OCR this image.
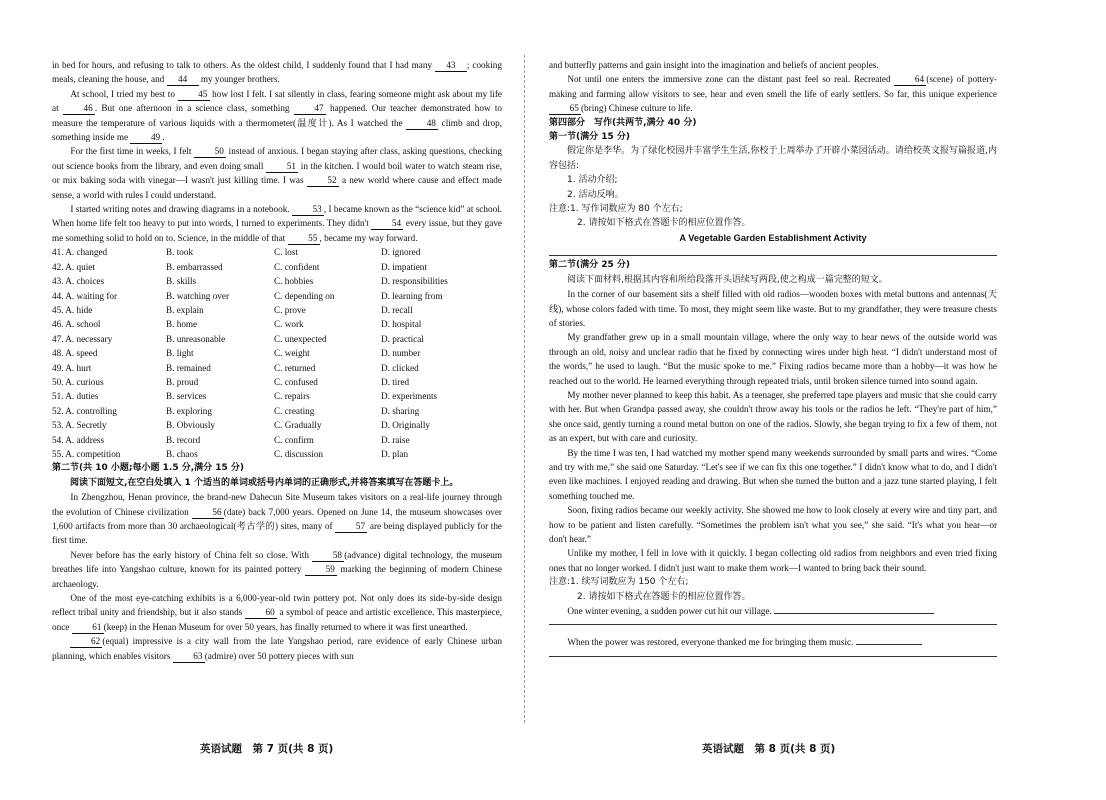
in bed for hours, and refusing to talk to others. As the oldest child, I suddenly found that I had many 43 ; cooking meals, cleaning the house, and 44 my younger brothers.

At school, I tried my best to 45 how lost I felt. I sat silently in class, fearing someone might ask about my life at 46 . But one afternoon in a science class, something 47 happened. Our teacher demonstrated how to measure the temperature of various liquids with a thermometer(温度计). As I watched the 48 climb and drop, something inside me 49 .

For the first time in weeks, I felt 50 instead of anxious. I began staying after class, asking questions, checking out science books from the library, and even doing small 51 in the kitchen. I would boil water to watch steam rise, or mix baking soda with vinegar—I wasn't just killing time. I was 52 a new world where cause and effect made sense, a world with rules I could understand.

I started writing notes and drawing diagrams in a notebook. 53 , I became known as the “science kid” at school. When home life felt too heavy to put into words, I turned to experiments. They didn't 54 every issue, but they gave me something solid to hold on to. Science, in the middle of that 55 , became my way forward.

41. A. changed	B. took	C. lost	D. ignored
42. A. quiet	B. embarrassed	C. confident	D. impatient
43. A. choices	B. skills	C. hobbies	D. responsibilities
44. A. waiting for	B. watching over	C. depending on	D. learning from
45. A. hide	B. explain	C. prove	D. recall
46. A. school	B. home	C. work	D. hospital
47. A. necessary	B. unreasonable	C. unexpected	D. practical
48. A. speed	B. light	C. weight	D. number
49. A. hurt	B. remained	C. returned	D. clicked
50. A. curious	B. proud	C. confused	D. tired
51. A. duties	B. services	C. repairs	D. experiments
52. A. controlling	B. exploring	C. creating	D. sharing
53. A. Secretly	B. Obviously	C. Gradually	D. Originally
54. A. address	B. record	C. confirm	D. raise
55. A. competition	B. chaos	C. discussion	D. plan

第二节(共 10 小题;每小题 1.5 分,满分 15 分)

阅读下面短文,在空白处填入 1 个适当的单词或括号内单词的正确形式,并将答案填写在答题卡上。

In Zhengzhou, Henan province, the brand-new Dahecun Site Museum takes visitors on a real-life journey through the evolution of Chinese civilization 56 (date) back 7,000 years. Opened on June 14, the museum showcases over 1,600 artifacts from more than 30 archaeological(考古学的) sites, many of 57 are being displayed publicly for the first time.

Never before has the early history of China felt so close. With 58 (advance) digital technology, the museum breathes life into Yangshao culture, known for its painted pottery 59 marking the beginning of modern Chinese archaeology.

One of the most eye-catching exhibits is a 6,000-year-old twin pottery pot. Not only does its side-by-side design reflect tribal unity and friendship, but it also stands 60 a symbol of peace and artistic excellence. This masterpiece, once 61 (keep) in the Henan Museum for over 50 years, has finally returned to where it was first unearthed.

62 (equal) impressive is a city wall from the late Yangshao period, rare evidence of early Chinese urban planning, which enables visitors 63 (admire) over 50 pottery pieces with sun

英语试题　第 7 页(共 8 页)

and butterfly patterns and gain insight into the imagination and beliefs of ancient peoples.

Not until one enters the immersive zone can the distant past feel so real. Recreated 64 (scene) of pottery-making and farming allow visitors to see, hear and even smell the life of early settlers. So far, this unique experience 65 (bring) Chinese culture to life.

第四部分　写作(共两节,满分 40 分)

第一节(满分 15 分)

假定你是李华。为了绿化校园并丰富学生生活,你校于上周举办了开辟小菜园活动。请给校英文报写篇报道,内容包括:

1. 活动介绍;

2. 活动反响。

注意:1. 写作词数应为 80 个左右;

2. 请按如下格式在答题卡的相应位置作答。

A Vegetable Garden Establishment Activity

第二节(满分 25 分)

阅读下面材料,根据其内容和所给段落开头语续写两段,使之构成一篇完整的短文。

In the corner of our basement sits a shelf filled with old radios—wooden boxes with metal buttons and antennas(天线), whose colors faded with time. To most, they might seem like waste. But to my grandfather, they were treasure chests of stories.

My grandfather grew up in a small mountain village, where the only way to hear news of the outside world was through an old, noisy and unclear radio that he fixed by connecting wires under high heat. “I didn't understand most of the words,” he used to laugh. “But the music spoke to me.” Fixing radios became more than a hobby—it was how he reached out to the world. He learned everything through repeated trials, until broken silence turned into sound again.

My mother never planned to keep this habit. As a teenager, she preferred tape players and music that she could carry with her. But when Grandpa passed away, she couldn't throw away his tools or the radios he left. “They're part of him,” she once said, gently turning a round metal button on one of the radios. Slowly, she began trying to fix a few of them, not as an expert, but with care and curiosity.

By the time I was ten, I had watched my mother spend many weekends surrounded by small parts and wires. “Come and try with me,” she said one Saturday. “Let's see if we can fix this one together.” I didn't know what to do, and I didn't even like machines. I enjoyed reading and drawing. But when she turned the button and a jazz tune started playing, I felt something touched me.

Soon, fixing radios became our weekly activity. She showed me how to look closely at every wire and tiny part, and how to be patient and listen carefully. “Sometimes the problem isn't what you see,” she said. “It's what you hear—or don't hear.”

Unlike my mother, I fell in love with it quickly. I began collecting old radios from neighbors and even tried fixing ones that no longer worked. I didn't just want to make them work—I wanted to bring back their sound.

注意:1. 续写词数应为 150 个左右;

2. 请按如下格式在答题卡的相应位置作答。

One winter evening, a sudden power cut hit our village.

When the power was restored, everyone thanked me for bringing them music.

英语试题　第 8 页(共 8 页)
